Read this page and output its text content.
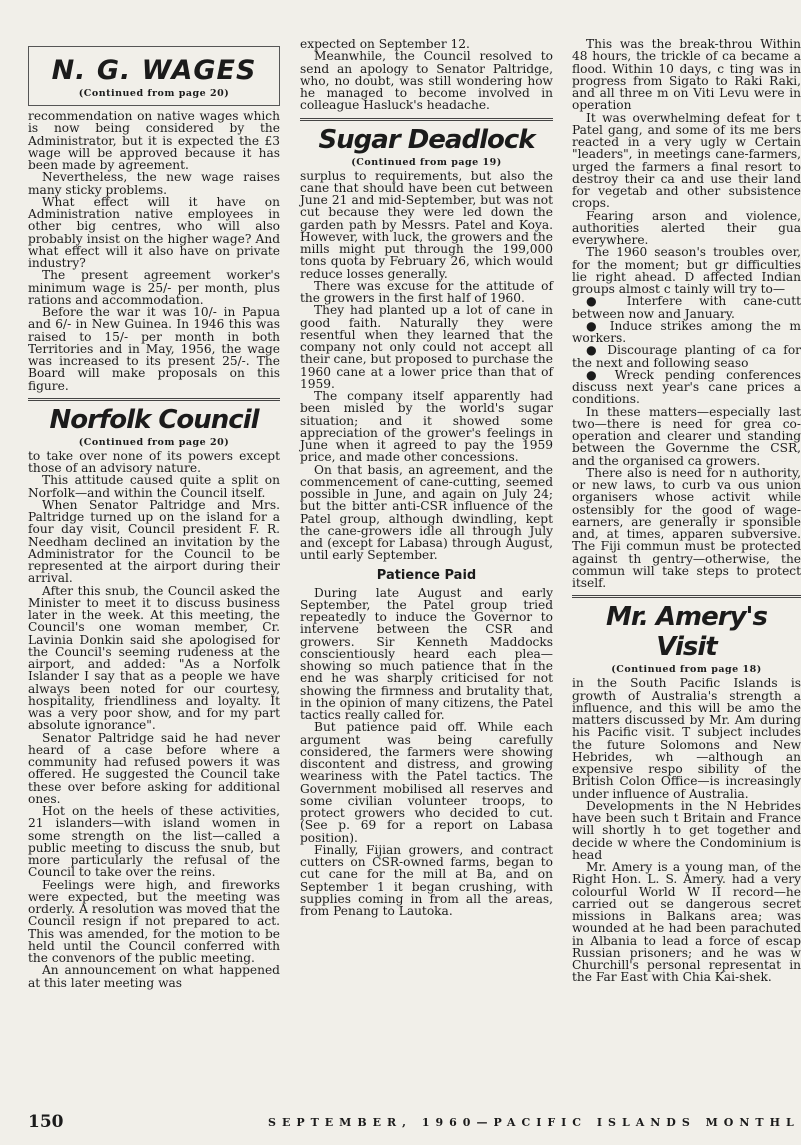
N. G. WAGES
(Continued from page 20)

recommendation on native wages which is now being considered by the Administrator, but it is expected the £3 wage will be approved because it has been made by agreement.

Nevertheless, the new wage raises many sticky problems.

What effect will it have on Administration native employees in other big centres, who will also probably insist on the higher wage? And what effect will it also have on private industry?

The present agreement worker's minimum wage is 25/- per month, plus rations and accommodation.

Before the war it was 10/- in Papua and 6/- in New Guinea. In 1946 this was raised to 15/- per month in both Territories and in May, 1956, the wage was increased to its present 25/-. The Board will make proposals on this figure.

Norfolk Council
(Continued from page 20)

to take over none of its powers except those of an advisory nature.

This attitude caused quite a split on Norfolk—and within the Council itself.

When Senator Paltridge and Mrs. Paltridge turned up on the island for a four day visit, Council president F. R. Needham declined an invitation by the Administrator for the Council to be represented at the airport during their arrival.

After this snub, the Council asked the Minister to meet it to discuss business later in the week. At this meeting, the Council's one woman member, Cr. Lavinia Donkin said she apologised for the Council's seeming rudeness at the airport, and added: "As a Norfolk Islander I say that as a people we have always been noted for our courtesy, hospitality, friendliness and loyalty. It was a very poor show, and for my part absolute ignorance".

Senator Paltridge said he had never heard of a case before where a community had refused powers it was offered. He suggested the Council take these over before asking for additional ones.

Hot on the heels of these activities, 21 islanders—with island women in some strength on the list—called a public meeting to discuss the snub, but more particularly the refusal of the Council to take over the reins.

Feelings were high, and fireworks were expected, but the meeting was orderly. A resolution was moved that the Council resign if not prepared to act. This was amended, for the motion to be held until the Council conferred with the convenors of the public meeting.

An announcement on what happened at this later meeting was

expected on September 12.

Meanwhile, the Council resolved to send an apology to Senator Paltridge, who, no doubt, was still wondering how he managed to become involved in colleague Hasluck's headache.

Sugar Deadlock
(Continued from page 19)

surplus to requirements, but also the cane that should have been cut between June 21 and mid-September, but was not cut because they were led down the garden path by Messrs. Patel and Koya. However, with luck, the growers and the mills might put through the 199,000 tons quota by February 26, which would reduce losses generally.

There was excuse for the attitude of the growers in the first half of 1960.

They had planted up a lot of cane in good faith. Naturally they were resentful when they learned that the company not only could not accept all their cane, but proposed to purchase the 1960 cane at a lower price than that of 1959.

The company itself apparently had been misled by the world's sugar situation; and it showed some appreciation of the grower's feelings in June when it agreed to pay the 1959 price, and made other concessions.

On that basis, an agreement, and the commencement of cane-cutting, seemed possible in June, and again on July 24; but the bitter anti-CSR influence of the Patel group, although dwindling, kept the cane-growers idle all through July and (except for Labasa) through August, until early September.

Patience Paid

During late August and early September, the Patel group tried repeatedly to induce the Governor to intervene between the CSR and growers. Sir Kenneth Maddocks conscientiously heard each plea—showing so much patience that in the end he was sharply criticised for not showing the firmness and brutality that, in the opinion of many citizens, the Patel tactics really called for.

But patience paid off. While each argument was being carefully considered, the farmers were showing discontent and distress, and growing weariness with the Patel tactics. The Government mobilised all reserves and some civilian volunteer troops, to protect growers who decided to cut. (See p. 69 for a report on Labasa position).

Finally, Fijian growers, and contract cutters on CSR-owned farms, began to cut cane for the mill at Ba, and on September 1 it began crushing, with supplies coming in from all the areas, from Penang to Lautoka.

This was the break-throu Within 48 hours, the trickle of ca became a flood. Within 10 days, c ting was in progress from Sigato to Raki Raki, and all three m on Viti Levu were in operation

It was overwhelming defeat for t Patel gang, and some of its me bers reacted in a very ugly w Certain "leaders", in meetings cane-farmers, urged the farmers a final resort to destroy their ca and use their land for vegetab and other subsistence crops.

Fearing arson and violence, authorities alerted their gua everywhere.

The 1960 season's troubles over, for the moment; but gr difficulties lie right ahead. D affected Indian groups almost c tainly will try to—

● Interfere with cane-cutt between now and January.

● Induce strikes among the m workers.

● Discourage planting of ca for the next and following seaso

● Wreck pending conferences discuss next year's cane prices a conditions.

In these matters—especially last two—there is need for grea co-operation and clearer und standing between the Governme the CSR, and the organised ca growers.

There also is need for n authority, or new laws, to curb va ous union organisers whose activit while ostensibly for the good of wage-earners, are generally ir sponsible and, at times, apparen subversive. The Fiji commun must be protected against th gentry—otherwise, the commun will take steps to protect itself.

Mr. Amery's Visit
(Continued from page 18)

in the South Pacific Islands is growth of Australia's strength a influence, and this will be amo the matters discussed by Mr. Am during his Pacific visit. T subject includes the future Solomons and New Hebrides, wh —although an expensive respo sibility of the British Colon Office—is increasingly under influence of Australia.

Developments in the N Hebrides have been such t Britain and France will shortly h to get together and decide w where the Condominium is head

Mr. Amery is a young man, of the Right Hon. L. S. Amery. had a very colourful World W II record—he carried out se dangerous secret missions in Balkans area; was wounded at he had been parachuted in Albania to lead a force of escap Russian prisoners; and he was w Churchill's personal representat in the Far East with Chia Kai-shek.

150	SEPTEMBER, 1960—PACIFIC ISLANDS MONTHL
